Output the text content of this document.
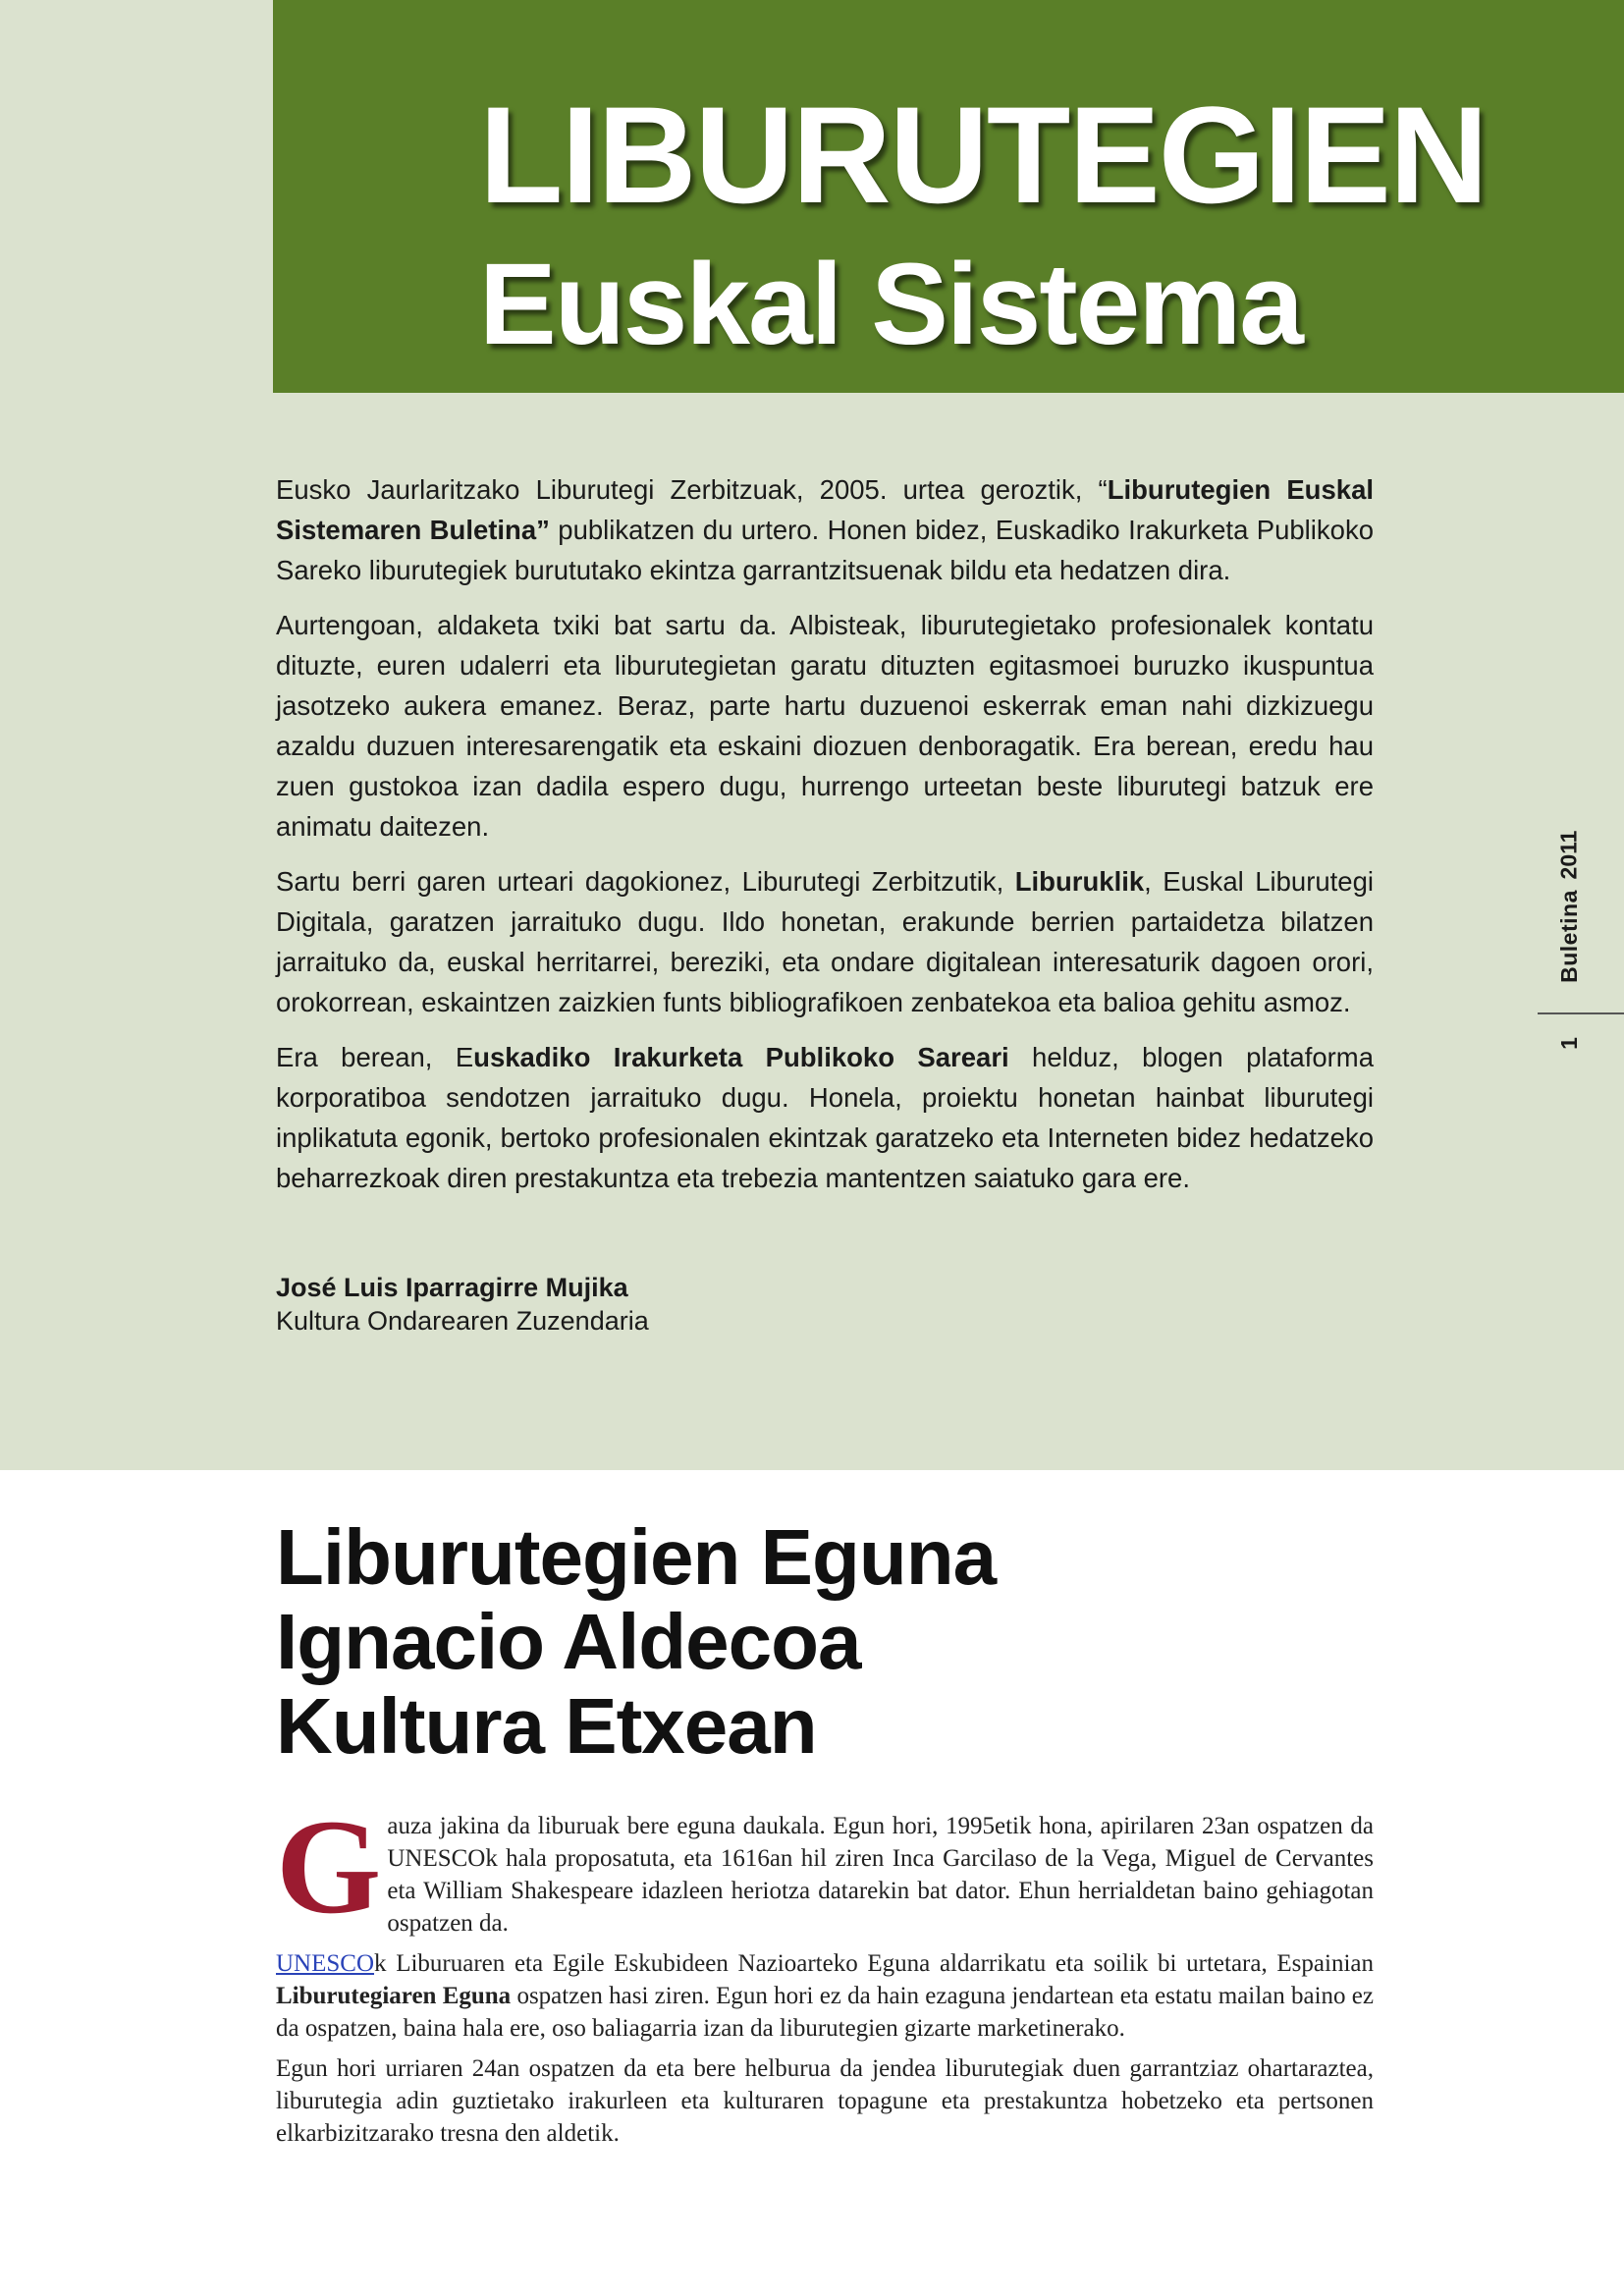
LIBURUTEGIEN
Euskal Sistema

Eusko Jaurlaritzako Liburutegi Zerbitzuak, 2005. urtea geroztik, “Liburutegien Euskal Sistemaren Buletina” publikatzen du urtero. Honen bidez, Euskadiko Irakurketa Publikoko Sareko liburutegiek burututako ekintza garrantzitsuenak bildu eta hedatzen dira.

Aurtengoan, aldaketa txiki bat sartu da. Albisteak, liburutegietako profesionalek kontatu dituzte, euren udalerri eta liburutegietan garatu dituzten egitasmoei buruzko ikuspuntua jasotzeko aukera emanez. Beraz, parte hartu duzuenoi eskerrak eman nahi dizkizuegu azaldu duzuen interesarengatik eta eskaini diozuen denboragatik. Era berean, eredu hau zuen gustokoa izan dadila espero dugu, hurrengo urteetan beste liburutegi batzuk ere animatu daitezen.

Sartu berri garen urteari dagokionez, Liburutegi Zerbitzutik, Liburuklik, Euskal Liburutegi Digitala, garatzen jarraituko dugu. Ildo honetan, erakunde berrien partaidetza bilatzen jarraituko da, euskal herritarrei, bereziki, eta ondare digitalean interesaturik dagoen orori, orokorrean, eskaintzen zaizkien funts bibliografikoen zenbatekoa eta balioa gehitu asmoz.

Era berean, Euskadiko Irakurketa Publikoko Sareari helduz, blogen plataforma korporatiboa sendotzen jarraituko dugu. Honela, proiektu honetan hainbat liburutegi inplikatuta egonik, bertoko profesionalen ekintzak garatzeko eta Interneten bidez hedatzeko beharrezkoak diren prestakuntza eta trebezia mantentzen saiatuko gara ere.

José Luis Iparragirre Mujika
Kultura Ondarearen Zuzendaria
2011
Buletina
1
Liburutegien Eguna
Ignacio Aldecoa
Kultura Etxean

Gauza jakina da liburuak bere eguna daukala. Egun hori, 1995etik hona, apirilaren 23an ospatzen da UNESCOk hala proposatuta, eta 1616an hil ziren Inca Garcilaso de la Vega, Miguel de Cervantes eta William Shakespeare idazleen heriotza datarekin bat dator. Ehun herrialdetan baino gehiagotan ospatzen da.

UNESCOk Liburuaren eta Egile Eskubideen Nazioarteko Eguna aldarrikatu eta soilik bi urtetara, Espainian Liburutegiaren Eguna ospatzen hasi ziren. Egun hori ez da hain ezaguna jendartean eta estatu mailan baino ez da ospatzen, baina hala ere, oso baliagarria izan da liburutegien gizarte marketinerako.

Egun hori urriaren 24an ospatzen da eta bere helburua da jendea liburutegiak duen garrantziaz ohartaraztea, liburutegia adin guztietako irakurleen eta kulturaren topagune eta prestakuntza hobetzeko eta pertsonen elkarbizitzarako tresna den aldetik.
